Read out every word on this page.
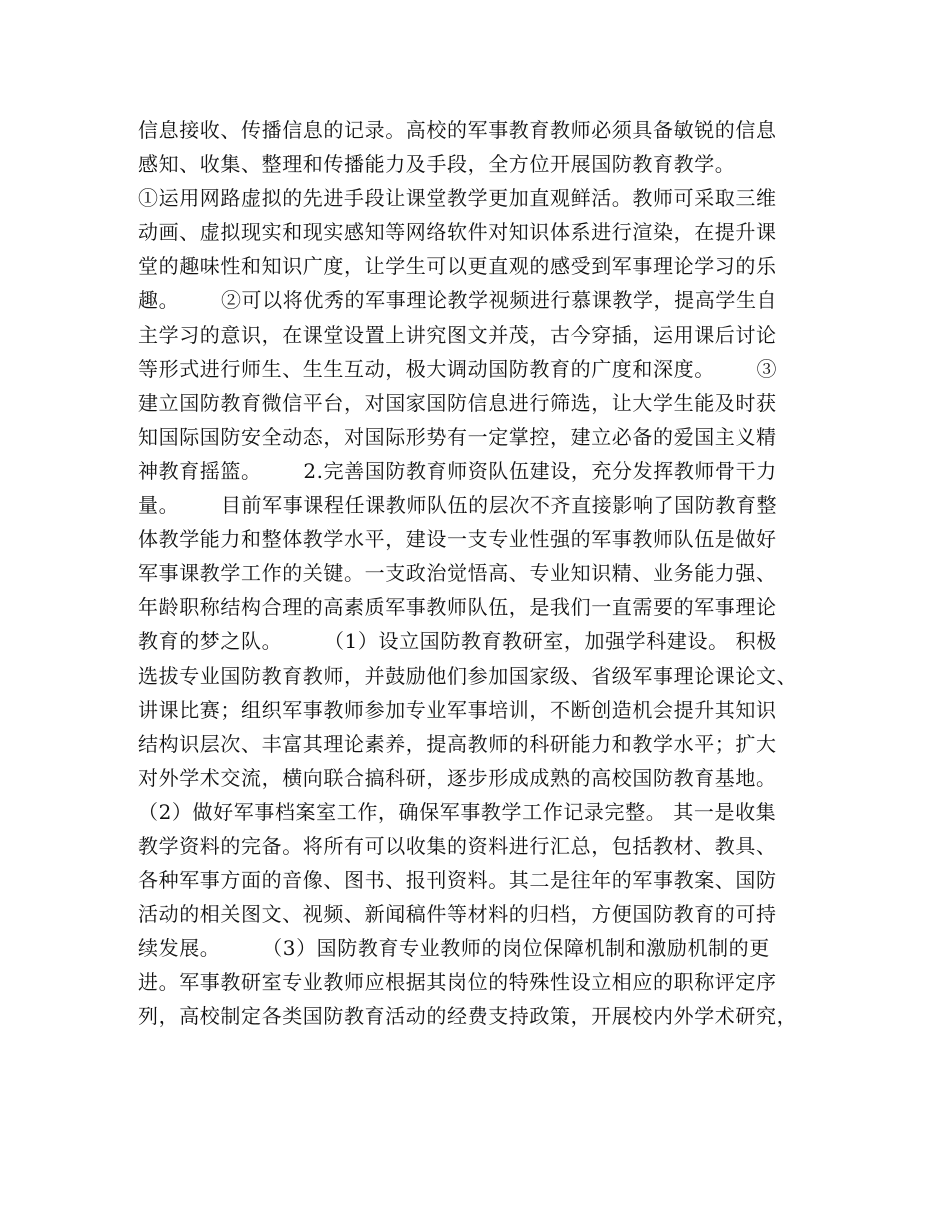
信息接收、传播信息的记录。高校的军事教育教师必须具备敏锐的信息
感知、收集、整理和传播能力及手段，全方位开展国防教育教学。
①运用网路虚拟的先进手段让课堂教学更加直观鲜活。教师可采取三维
动画、虚拟现实和现实感知等网络软件对知识体系进行渲染，在提升课
堂的趣味性和知识广度，让学生可以更直观的感受到军事理论学习的乐
趣。      ②可以将优秀的军事理论教学视频进行慕课教学，提高学生自
主学习的意识，在课堂设置上讲究图文并茂，古今穿插，运用课后讨论
等形式进行师生、生生互动，极大调动国防教育的广度和深度。      ③
建立国防教育微信平台，对国家国防信息进行筛选，让大学生能及时获
知国际国防安全动态，对国际形势有一定掌控，建立必备的爱国主义精
神教育摇篮。      2.完善国防教育师资队伍建设，充分发挥教师骨干力
量。      目前军事课程任课教师队伍的层次不齐直接影响了国防教育整
体教学能力和整体教学水平，建设一支专业性强的军事教师队伍是做好
军事课教学工作的关键。一支政治觉悟高、专业知识精、业务能力强、
年龄职称结构合理的高素质军事教师队伍，是我们一直需要的军事理论
教育的梦之队。      （1）设立国防教育教研室，加强学科建设。 积极
选拔专业国防教育教师，并鼓励他们参加国家级、省级军事理论课论文、
讲课比赛；组织军事教师参加专业军事培训，不断创造机会提升其知识
结构识层次、丰富其理论素养，提高教师的科研能力和教学水平；扩大
对外学术交流，横向联合搞科研，逐步形成成熟的高校国防教育基地。
（2）做好军事档案室工作，确保军事教学工作记录完整。 其一是收集
教学资料的完备。将所有可以收集的资料进行汇总，包括教材、教具、
各种军事方面的音像、图书、报刊资料。其二是往年的军事教案、国防
活动的相关图文、视频、新闻稿件等材料的归档，方便国防教育的可持
续发展。      （3）国防教育专业教师的岗位保障机制和激励机制的更
进。军事教研室专业教师应根据其岗位的特殊性设立相应的职称评定序
列，高校制定各类国防教育活动的经费支持政策，开展校内外学术研究，
